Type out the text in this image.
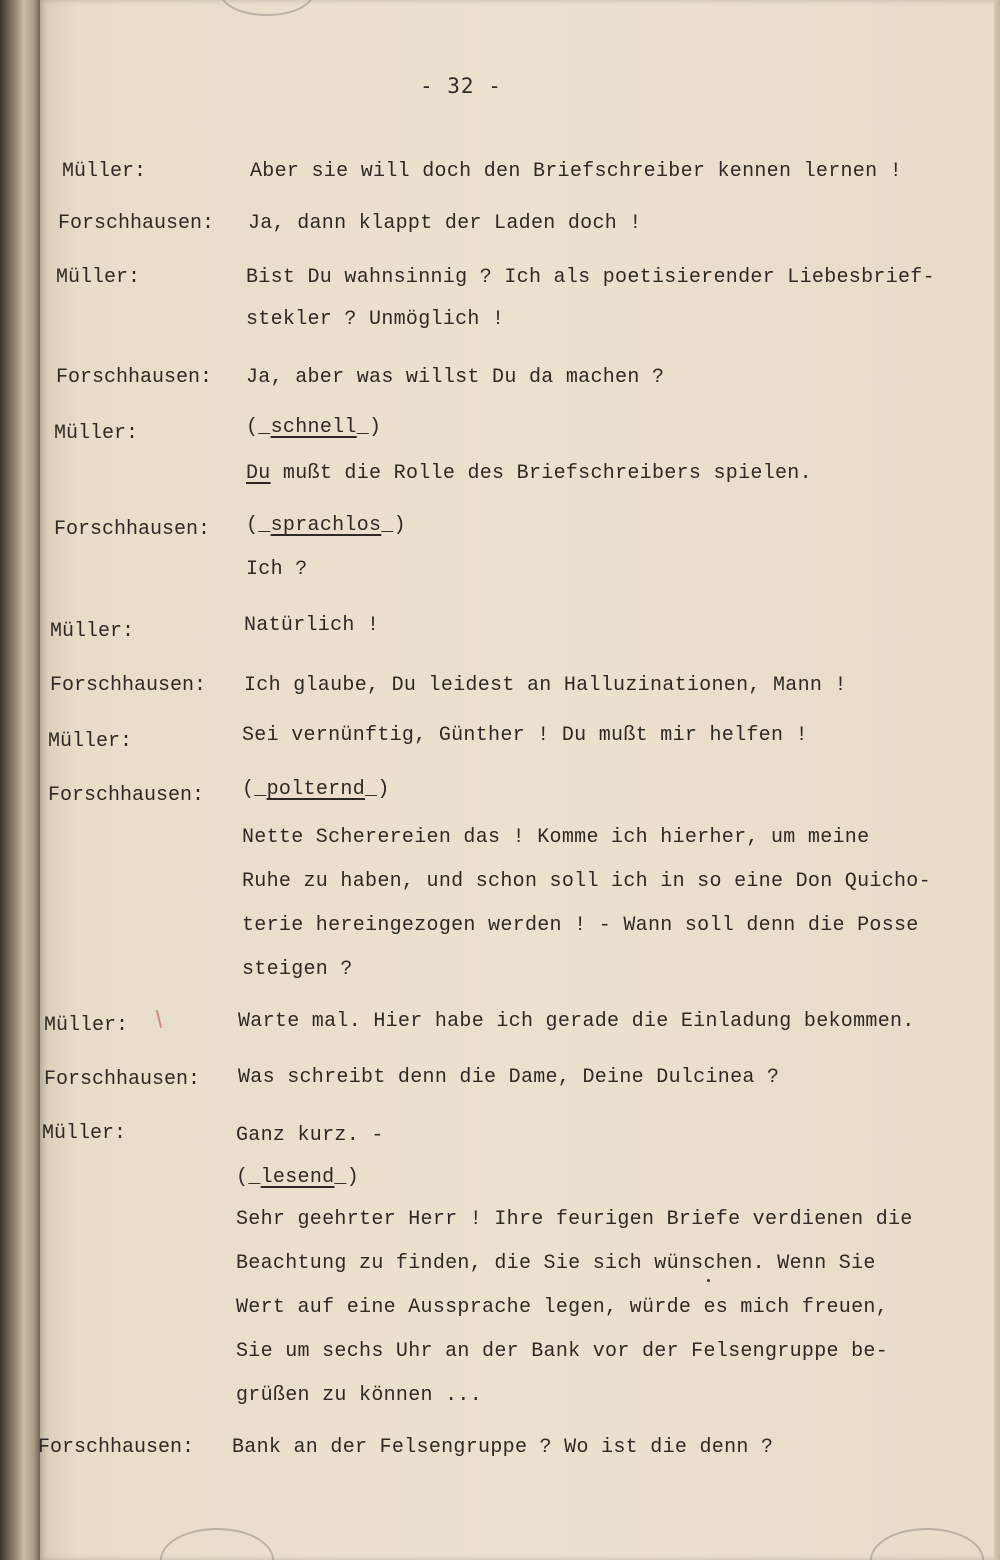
- 32 -
Müller:	Aber sie will doch den Briefschreiber kennen lernen !
Forschhausen: Ja, dann klappt der Laden doch !
Müller:	Bist Du wahnsinnig ? Ich als poetisierender Liebesbrief-
stekler ? Unmöglich !
Forschhausen: Ja, aber was willst Du da machen ?
Müller:	(_schnell_)
Du mußt die Rolle des Briefschreibers spielen.
Forschhausen: (_sprachlos_)
Ich ?
Müller:	Natürlich !
Forschhausen: Ich glaube, Du leidest an Halluzinationen, Mann !
Müller:	Sei vernünftig, Günther ! Du mußt mir helfen !
Forschhausen: (_polternd_)
Nette Scherereien das ! Komme ich hierher, um meine
Ruhe zu haben, und schon soll ich in so eine Don Quicho-
terie hereingezogen werden ! - Wann soll denn die Posse
steigen ?
Müller:	Warte mal. Hier habe ich gerade die Einladung bekommen.
Forschhausen: Was schreibt denn die Dame, Deine Dulcinea ?
Müller:	Ganz kurz. -
(_lesend_)
Sehr geehrter Herr ! Ihre feurigen Briefe verdienen die
Beachtung zu finden, die Sie sich wünschen. Wenn Sie
Wert auf eine Aussprache legen, würde es mich freuen,
Sie um sechs Uhr an der Bank vor der Felsengruppe be-
grüßen zu können ...
Forschhausen: Bank an der Felsengruppe ? Wo ist die denn ?
